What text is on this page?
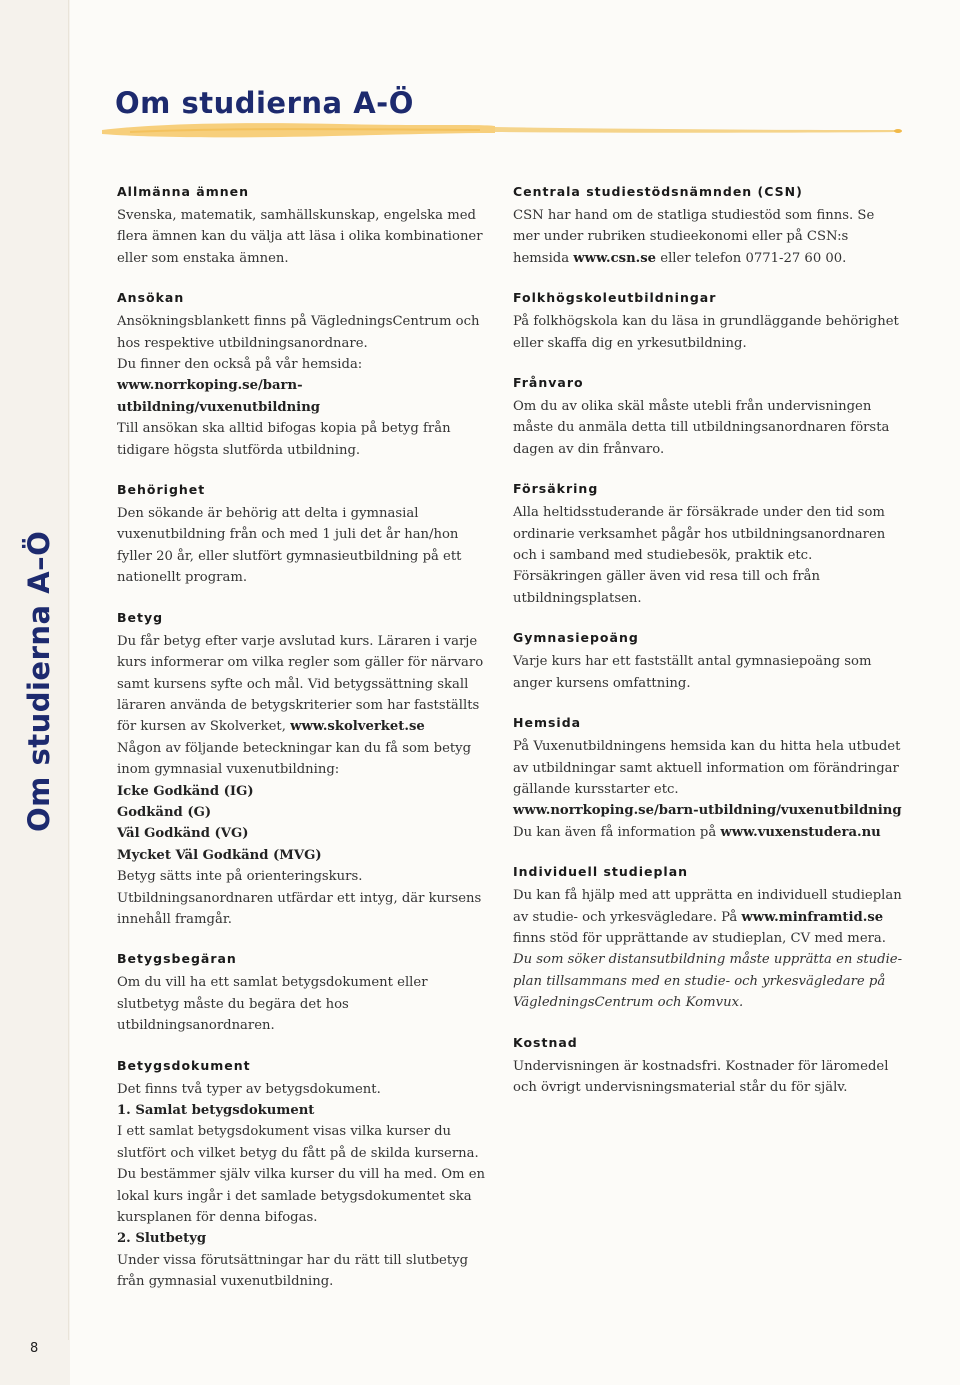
Om studierna A–Ö
8
Om studierna A-Ö
Allmänna ämnen

Svenska, matematik, samhällskunskap, engelska med flera ämnen kan du välja att läsa i olika kombinationer eller som enstaka ämnen.

Ansökan

Ansökningsblankett finns på VägledningsCentrum och hos respektive utbildningsanordnare.
Du finner den också på vår hemsida:
www.norrkoping.se/barn-utbildning/vuxenutbildning
Till ansökan ska alltid bifogas kopia på betyg från tidigare högsta slutförda utbildning.

Behörighet

Den sökande är behörig att delta i gymnasial vuxenutbildning från och med 1 juli det år han/hon fyller 20 år, eller slutfört gymnasieutbildning på ett nationellt program.

Betyg

Du får betyg efter varje avslutad kurs. Läraren i varje kurs informerar om vilka regler som gäller för närvaro samt kursens syfte och mål. Vid betygssättning skall läraren använda de betygskriterier som har fastställts för kursen av Skolverket, www.skolverket.se
Någon av följande beteckningar kan du få som betyg inom gymnasial vuxenutbildning:
Icke Godkänd (IG)
Godkänd (G)
Väl Godkänd (VG)
Mycket Väl Godkänd (MVG)
Betyg sätts inte på orienteringskurs. Utbildningsanordnaren utfärdar ett intyg, där kursens innehåll framgår.

Betygsbegäran

Om du vill ha ett samlat betygsdokument eller slutbetyg måste du begära det hos utbildningsanordnaren.

Betygsdokument

Det finns två typer av betygsdokument.
1. Samlat betygsdokument
I ett samlat betygsdokument visas vilka kurser du slutfört och vilket betyg du fått på de skilda kurserna. Du bestämmer själv vilka kurser du vill ha med. Om en lokal kurs ingår i det samlade betygsdokumentet ska kursplanen för denna bifogas.
2. Slutbetyg
Under vissa förutsättningar har du rätt till slutbetyg från gymnasial vuxenutbildning.

Centrala studiestödsnämnden (CSN)

CSN har hand om de statliga studiestöd som finns. Se mer under rubriken studieekonomi eller på CSN:s hemsida www.csn.se eller telefon 0771-27 60 00.

Folkhögskoleutbildningar

På folkhögskola kan du läsa in grundläggande behörighet eller skaffa dig en yrkesutbildning.

Frånvaro

Om du av olika skäl måste utebli från undervisningen måste du anmäla detta till utbildningsanordnaren första dagen av din frånvaro.

Försäkring

Alla heltidsstuderande är försäkrade under den tid som ordinarie verksamhet pågår hos utbildningsanordnaren och i samband med studiebesök, praktik etc. Försäkringen gäller även vid resa till och från utbildningsplatsen.

Gymnasiepoäng

Varje kurs har ett fastställt antal gymnasiepoäng som anger kursens omfattning.

Hemsida

På Vuxenutbildningens hemsida kan du hitta hela utbudet av utbildningar samt aktuell information om förändringar gällande kursstarter etc.
www.norrkoping.se/barn-utbildning/vuxenutbildning
Du kan även få information på www.vuxenstudera.nu

Individuell studieplan

Du kan få hjälp med att upprätta en individuell studieplan av studie- och yrkesvägledare. På www.minframtid.se finns stöd för upprättande av studieplan, CV med mera.
Du som söker distansutbildning måste upprätta en studieplan tillsammans med en studie- och yrkesvägledare på VägledningsCentrum och Komvux.

Kostnad

Undervisningen är kostnadsfri. Kostnader för läromedel och övrigt undervisningsmaterial står du för själv.
